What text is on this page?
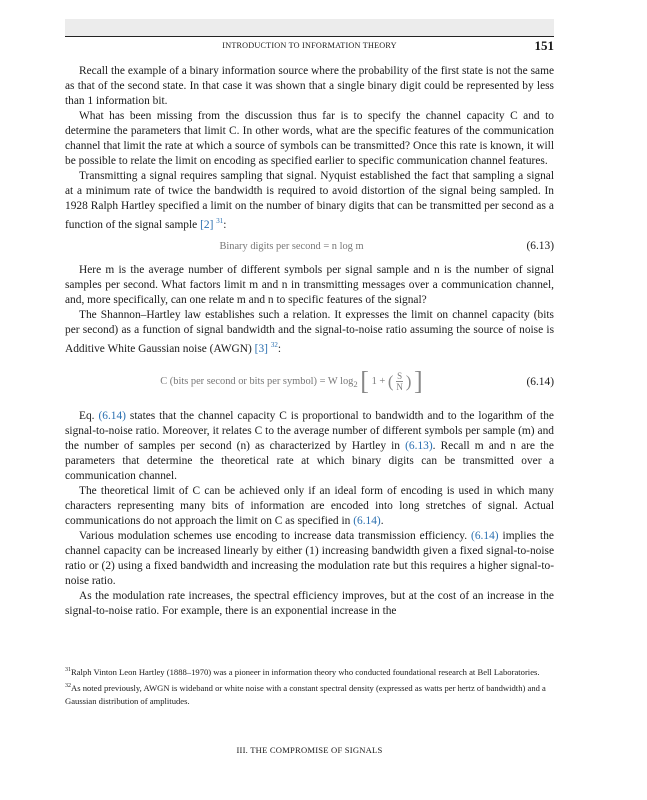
INTRODUCTION TO INFORMATION THEORY	151

Recall the example of a binary information source where the probability of the first state is not the same as that of the second state. In that case it was shown that a single binary digit could be represented by less than 1 information bit.

What has been missing from the discussion thus far is to specify the channel capacity C and to determine the parameters that limit C. In other words, what are the specific features of the communication channel that limit the rate at which a source of symbols can be transmitted? Once this rate is known, it will be possible to relate the limit on encoding as specified earlier to specific communication channel features.

Transmitting a signal requires sampling that signal. Nyquist established the fact that sampling a signal at a minimum rate of twice the bandwidth is required to avoid distortion of the signal being sampled. In 1928 Ralph Hartley specified a limit on the number of binary digits that can be transmitted per second as a function of the signal sample [2] $^{31}$:

Binary digits per second = n log m	(6.13)

Here m is the average number of different symbols per signal sample and n is the number of signal samples per second. What factors limit m and n in transmitting messages over a communication channel, and, more specifically, can one relate m and n to specific features of the signal?

The Shannon–Hartley law establishes such a relation. It expresses the limit on channel capacity (bits per second) as a function of signal bandwidth and the signal-to-noise ratio assuming the source of noise is Additive White Gaussian noise (AWGN) [3] $^{32}$:

C (bits per second or bits per symbol) = W $\log_2$ [ 1 + ( $\frac{S}{N}$ ) ]	(6.14)

Eq. (6.14) states that the channel capacity C is proportional to bandwidth and to the logarithm of the signal-to-noise ratio. Moreover, it relates C to the average number of different symbols per sample (m) and the number of samples per second (n) as characterized by Hartley in (6.13). Recall m and n are the parameters that determine the theoretical rate at which binary digits can be transmitted over a communication channel.

The theoretical limit of C can be achieved only if an ideal form of encoding is used in which many characters representing many bits of information are encoded into long stretches of signal. Actual communications do not approach the limit on C as specified in (6.14).

Various modulation schemes use encoding to increase data transmission efficiency. (6.14) implies the channel capacity can be increased linearly by either (1) increasing bandwidth given a fixed signal-to-noise ratio or (2) using a fixed bandwidth and increasing the modulation rate but this requires a higher signal-to-noise ratio.

As the modulation rate increases, the spectral efficiency improves, but at the cost of an increase in the signal-to-noise ratio. For example, there is an exponential increase in the

$^{31}$Ralph Vinton Leon Hartley (1888–1970) was a pioneer in information theory who conducted foundational research at Bell Laboratories.

$^{32}$As noted previously, AWGN is wideband or white noise with a constant spectral density (expressed as watts per hertz of bandwidth) and a Gaussian distribution of amplitudes.

III. THE COMPROMISE OF SIGNALS
